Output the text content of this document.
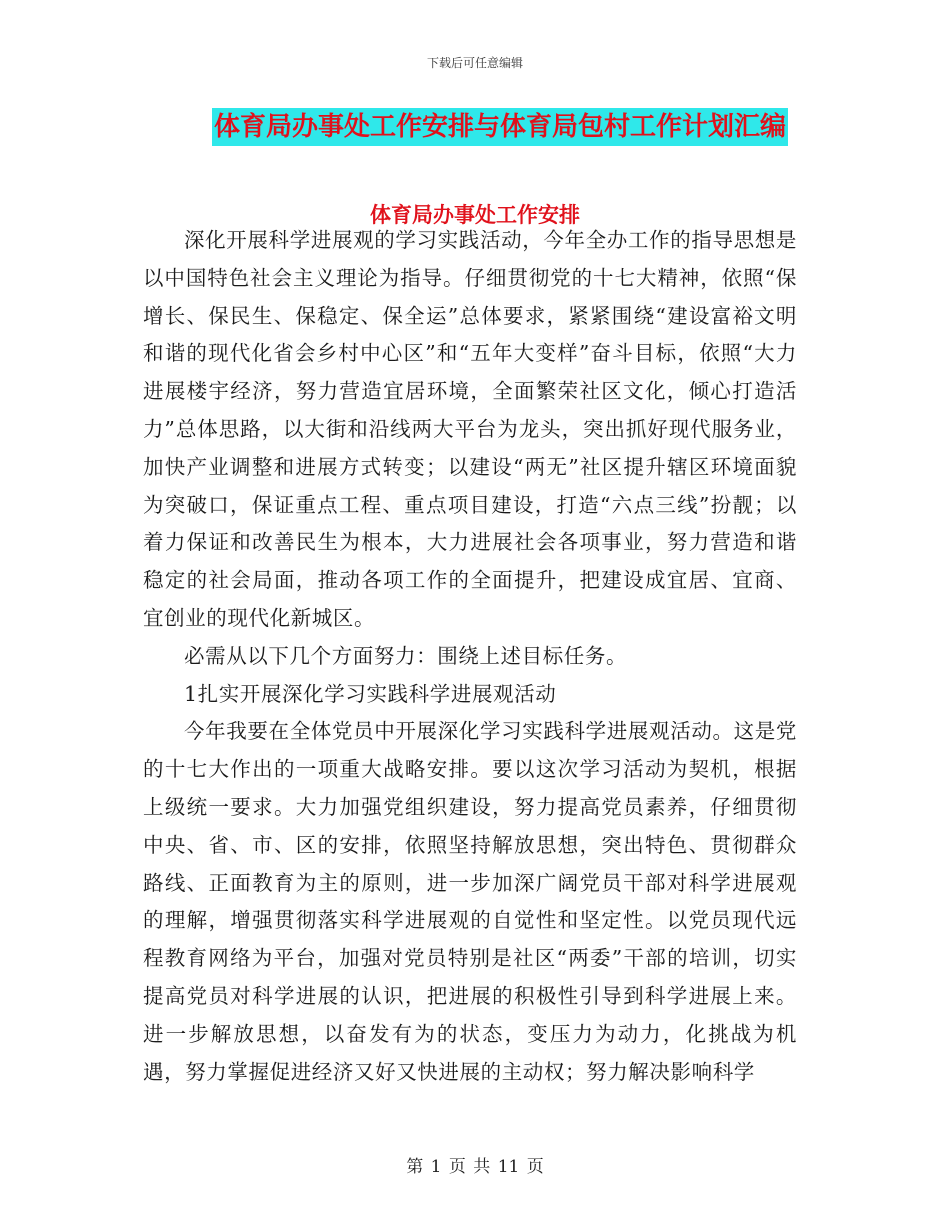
下载后可任意编辑
体育局办事处工作安排与体育局包村工作计划汇编
体育局办事处工作安排

深化开展科学进展观的学习实践活动，今年全办工作的指导思想是以中国特色社会主义理论为指导。仔细贯彻党的十七大精神，依照“保增长、保民生、保稳定、保全运”总体要求，紧紧围绕“建设富裕文明和谐的现代化省会乡村中心区”和“五年大变样”奋斗目标，依照“大力进展楼宇经济，努力营造宜居环境，全面繁荣社区文化，倾心打造活力”总体思路，以大街和沿线两大平台为龙头，突出抓好现代服务业，加快产业调整和进展方式转变；以建设“两无”社区提升辖区环境面貌为突破口，保证重点工程、重点项目建设，打造“六点三线”扮靓；以着力保证和改善民生为根本，大力进展社会各项事业，努力营造和谐稳定的社会局面，推动各项工作的全面提升，把建设成宜居、宜商、宜创业的现代化新城区。

必需从以下几个方面努力：围绕上述目标任务。

1扎实开展深化学习实践科学进展观活动

今年我要在全体党员中开展深化学习实践科学进展观活动。这是党的十七大作出的一项重大战略安排。要以这次学习活动为契机，根据上级统一要求。大力加强党组织建设，努力提高党员素养，仔细贯彻中央、省、市、区的安排，依照坚持解放思想，突出特色、贯彻群众路线、正面教育为主的原则，进一步加深广阔党员干部对科学进展观的理解，增强贯彻落实科学进展观的自觉性和坚定性。以党员现代远程教育网络为平台，加强对党员特别是社区“两委”干部的培训，切实提高党员对科学进展的认识，把进展的积极性引导到科学进展上来。进一步解放思想，以奋发有为的状态，变压力为动力，化挑战为机遇，努力掌握促进经济又好又快进展的主动权；努力解决影响科学

第 1 页 共 11 页
